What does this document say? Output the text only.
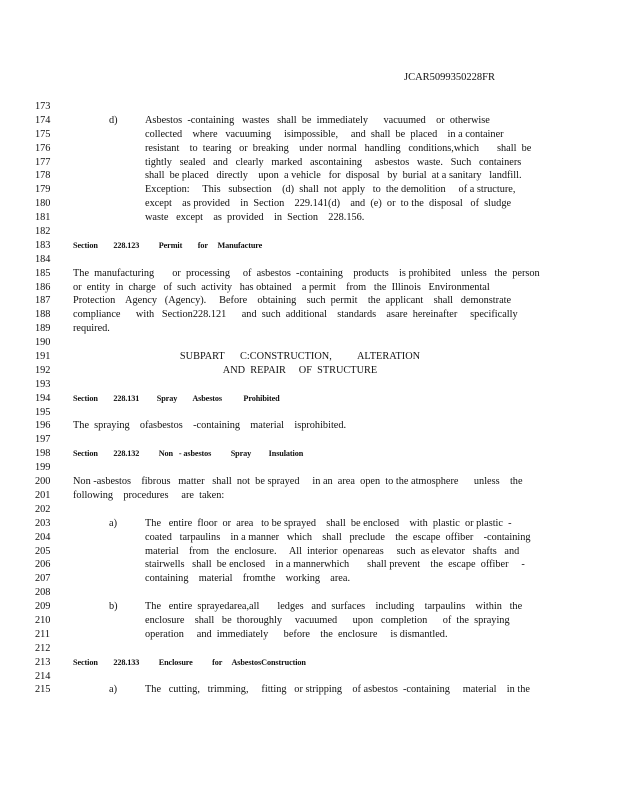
JCAR5099350228FR
173
174	d)	Asbestos  -containing   wastes   shall  be  immediately      vacuumed    or  otherwise
175	collected    where   vacuuming     isimpossible,     and  shall  be  placed    in a container
176	resistant    to  tearing   or  breaking    under  normal   handling   conditions,which       shall  be
177	tightly   sealed   and   clearly   marked   ascontaining     asbestos   waste.   Such   containers
178	shall  be placed   directly    upon  a vehicle   for  disposal   by  burial  at a sanitary   landfill.
179	Exception:     This   subsection    (d)  shall  not  apply   to  the demolition     of a structure,
180	except    as provided    in  Section    229.141(d)    and  (e)  or  to the  disposal   of  sludge
181	waste   except    as  provided    in  Section    228.156.
182
183	Section        228.123          Permit        for     Manufacture
184
185	The  manufacturing       or  processing     of  asbestos  -containing    products    is prohibited    unless   the  person
186	or  entity  in  charge   of  such  activity   has obtained    a permit    from   the  Illinois   Environmental
187	Protection    Agency   (Agency).     Before    obtaining    such  permit    the  applicant    shall   demonstrate
188	compliance      with   Section228.121      and  such  additional    standards    asare  hereinafter     specifically
189	required.
190
191	SUBPART      C:CONSTRUCTION,          ALTERATION
192	AND  REPAIR     OF  STRUCTURE
193
194	Section        228.131         Spray        Asbestos           Prohibited
195
196	The  spraying    ofasbestos    -containing    material    isprohibited.
197
198	Section        228.132          Non   - asbestos          Spray         Insulation
199
200	Non -asbestos    fibrous   matter   shall  not  be sprayed     in an  area  open  to the atmosphere      unless    the
201	following    procedures     are  taken:
202
203	a)	The   entire  floor  or  area   to be sprayed    shall  be enclosed    with  plastic  or plastic  -
204	coated   tarpaulins    in a manner   which    shall   preclude    the  escape  offiber    -containing
205	material    from   the  enclosure.     All  interior  openareas     such  as elevator   shafts   and
206	stairwells   shall  be enclosed    in a mannerwhich       shall prevent    the  escape  offiber     -
207	containing    material    fromthe    working    area.
208
209	b)	The   entire  sprayedarea,all       ledges   and  surfaces    including    tarpaulins    within   the
210	enclosure    shall   be  thoroughly     vacuumed      upon   completion      of  the  spraying
211	operation     and  immediately      before    the  enclosure     is dismantled.
212
213	Section        228.133          Enclosure          for     AsbestosConstruction
214
215	a)	The   cutting,   trimming,     fitting   or stripping    of asbestos  -containing     material    in the
